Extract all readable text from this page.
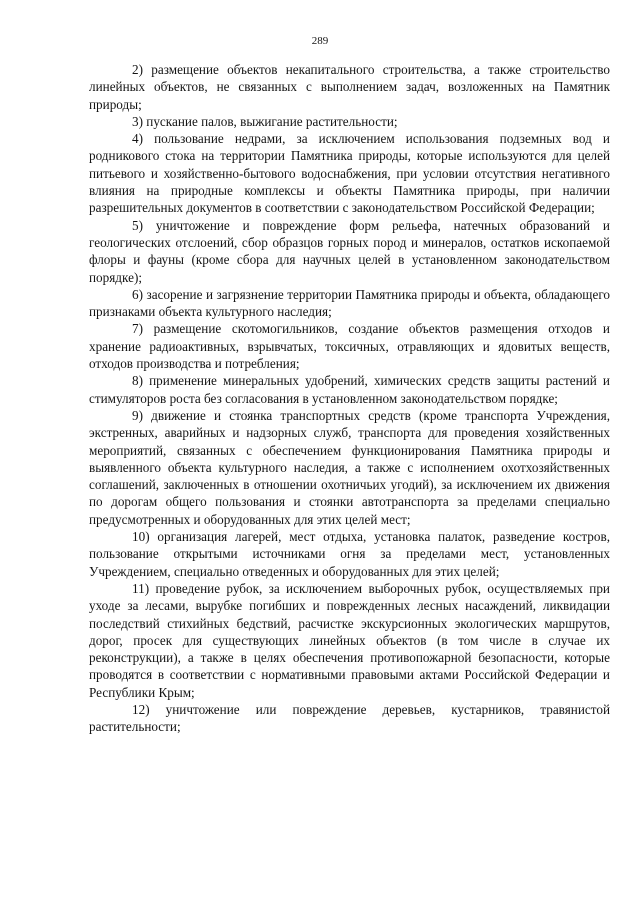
289

2) размещение объектов некапитального строительства, а также строительство линейных объектов, не связанных с выполнением задач, возложенных на Памятник природы;

3) пускание палов, выжигание растительности;

4) пользование недрами, за исключением использования подземных вод и родникового стока на территории Памятника природы, которые используются для целей питьевого и хозяйственно-бытового водоснабжения, при условии отсутствия негативного влияния на природные комплексы и объекты Памятника природы, при наличии разрешительных документов в соответствии с законодательством Российской Федерации;

5) уничтожение и повреждение форм рельефа, натечных образований и геологических отслоений, сбор образцов горных пород и минералов, остатков ископаемой флоры и фауны (кроме сбора для научных целей в установленном законодательством порядке);

6) засорение и загрязнение территории Памятника природы и объекта, обладающего признаками объекта культурного наследия;

7) размещение скотомогильников, создание объектов размещения отходов и хранение радиоактивных, взрывчатых, токсичных, отравляющих и ядовитых веществ, отходов производства и потребления;

8) применение минеральных удобрений, химических средств защиты растений и стимуляторов роста без согласования в установленном законодательством порядке;

9) движение и стоянка транспортных средств (кроме транспорта Учреждения, экстренных, аварийных и надзорных служб, транспорта для проведения хозяйственных мероприятий, связанных с обеспечением функционирования Памятника природы и выявленного объекта культурного наследия, а также с исполнением охотхозяйственных соглашений, заключенных в отношении охотничьих угодий), за исключением их движения по дорогам общего пользования и стоянки автотранспорта за пределами специально предусмотренных и оборудованных для этих целей мест;

10) организация лагерей, мест отдыха, установка палаток, разведение костров, пользование открытыми источниками огня за пределами мест, установленных Учреждением, специально отведенных и оборудованных для этих целей;

11) проведение рубок, за исключением выборочных рубок, осуществляемых при уходе за лесами, вырубке погибших и поврежденных лесных насаждений, ликвидации последствий стихийных бедствий, расчистке экскурсионных экологических маршрутов, дорог, просек для существующих линейных объектов (в том числе в случае их реконструкции), а также в целях обеспечения противопожарной безопасности, которые проводятся в соответствии с нормативными правовыми актами Российской Федерации и Республики Крым;

12) уничтожение или повреждение деревьев, кустарников, травянистой растительности;
